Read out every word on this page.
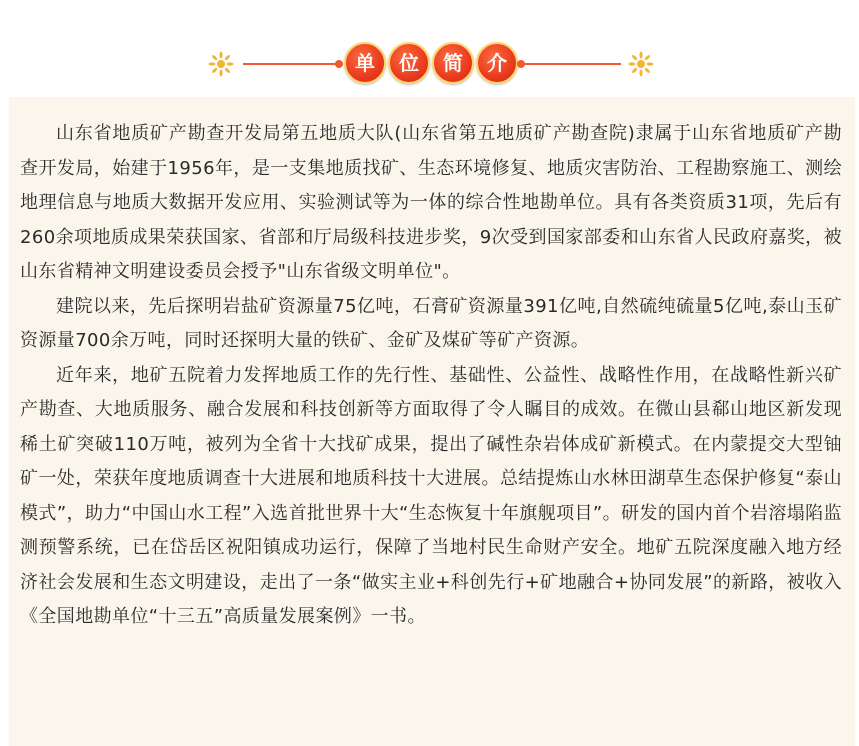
单	位	简	介

山东省地质矿产勘查开发局第五地质大队(山东省第五地质矿产勘查院)隶属于山东省地质矿产勘查开发局，始建于1956年，是一支集地质找矿、生态环境修复、地质灾害防治、工程勘察施工、测绘地理信息与地质大数据开发应用、实验测试等为一体的综合性地勘单位。具有各类资质31项，先后有260余项地质成果荣获国家、省部和厅局级科技进步奖，9次受到国家部委和山东省人民政府嘉奖，被山东省精神文明建设委员会授予"山东省级文明单位"。

建院以来，先后探明岩盐矿资源量75亿吨，石膏矿资源量391亿吨,自然硫纯硫量5亿吨,泰山玉矿资源量700余万吨，同时还探明大量的铁矿、金矿及煤矿等矿产资源。

近年来，地矿五院着力发挥地质工作的先行性、基础性、公益性、战略性作用，在战略性新兴矿产勘查、大地质服务、融合发展和科技创新等方面取得了令人瞩目的成效。在微山县郗山地区新发现稀土矿突破110万吨，被列为全省十大找矿成果，提出了碱性杂岩体成矿新模式。在内蒙提交大型铀矿一处，荣获年度地质调查十大进展和地质科技十大进展。总结提炼山水林田湖草生态保护修复“泰山模式”，助力“中国山水工程”入选首批世界十大“生态恢复十年旗舰项目”。研发的国内首个岩溶塌陷监测预警系统，已在岱岳区祝阳镇成功运行，保障了当地村民生命财产安全。地矿五院深度融入地方经济社会发展和生态文明建设，走出了一条“做实主业+科创先行+矿地融合+协同发展”的新路，被收入《全国地勘单位“十三五”高质量发展案例》一书。
